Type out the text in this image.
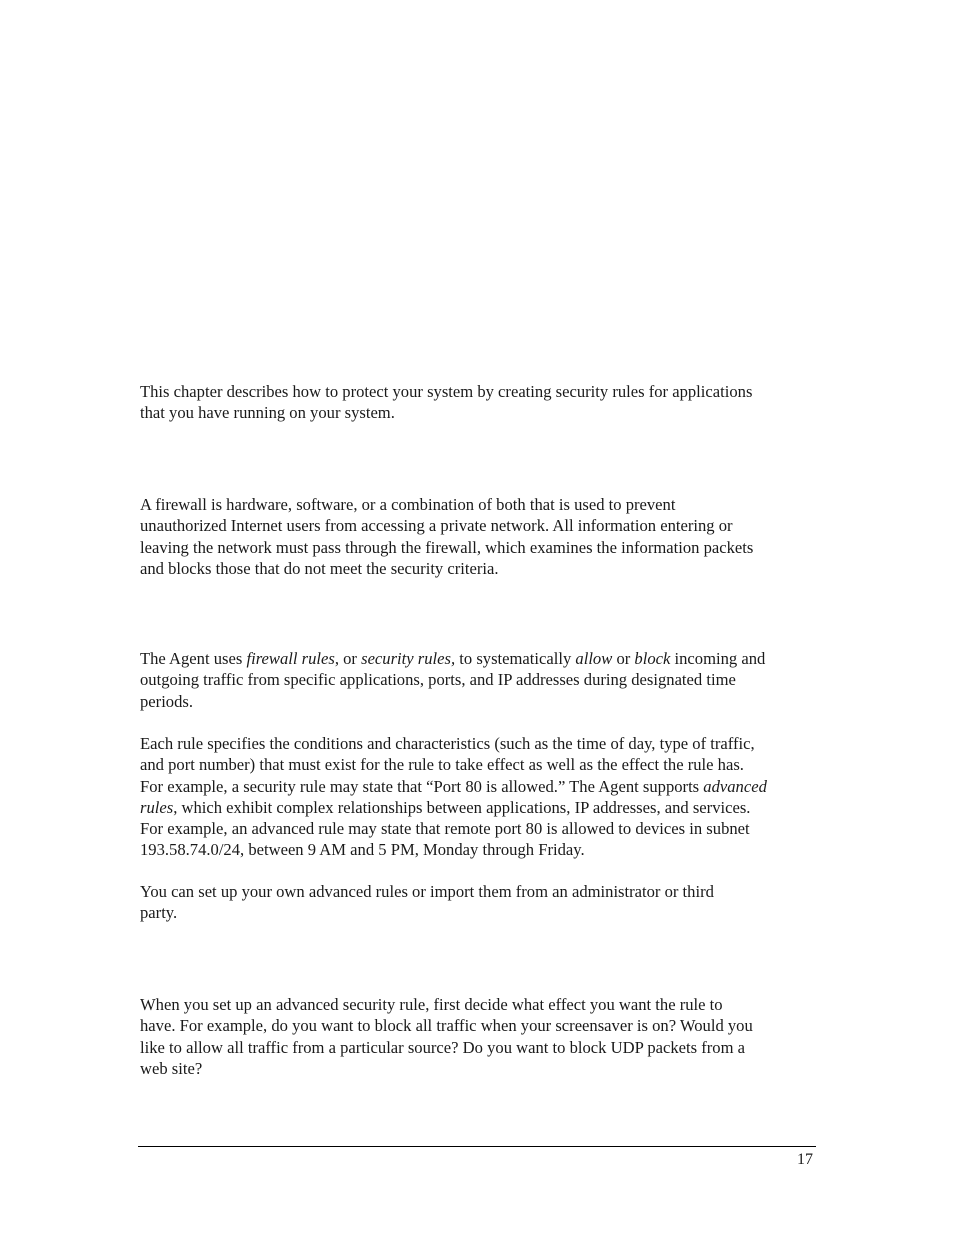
This chapter describes how to protect your system by creating security rules for applications
that you have running on your system.

A firewall is hardware, software, or a combination of both that is used to prevent
unauthorized Internet users from accessing a private network. All information entering or
leaving the network must pass through the firewall, which examines the information packets
and blocks those that do not meet the security criteria.

The Agent uses firewall rules, or security rules, to systematically allow or block incoming and
outgoing traffic from specific applications, ports, and IP addresses during designated time
periods.

Each rule specifies the conditions and characteristics (such as the time of day, type of traffic,
and port number) that must exist for the rule to take effect as well as the effect the rule has.
For example, a security rule may state that “Port 80 is allowed.” The Agent supports advanced
rules, which exhibit complex relationships between applications, IP addresses, and services.
For example, an advanced rule may state that remote port 80 is allowed to devices in subnet
193.58.74.0/24, between 9 AM and 5 PM, Monday through Friday.

You can set up your own advanced rules or import them from an administrator or third
party.

When you set up an advanced security rule, first decide what effect you want the rule to
have. For example, do you want to block all traffic when your screensaver is on? Would you
like to allow all traffic from a particular source? Do you want to block UDP packets from a
web site?

17
